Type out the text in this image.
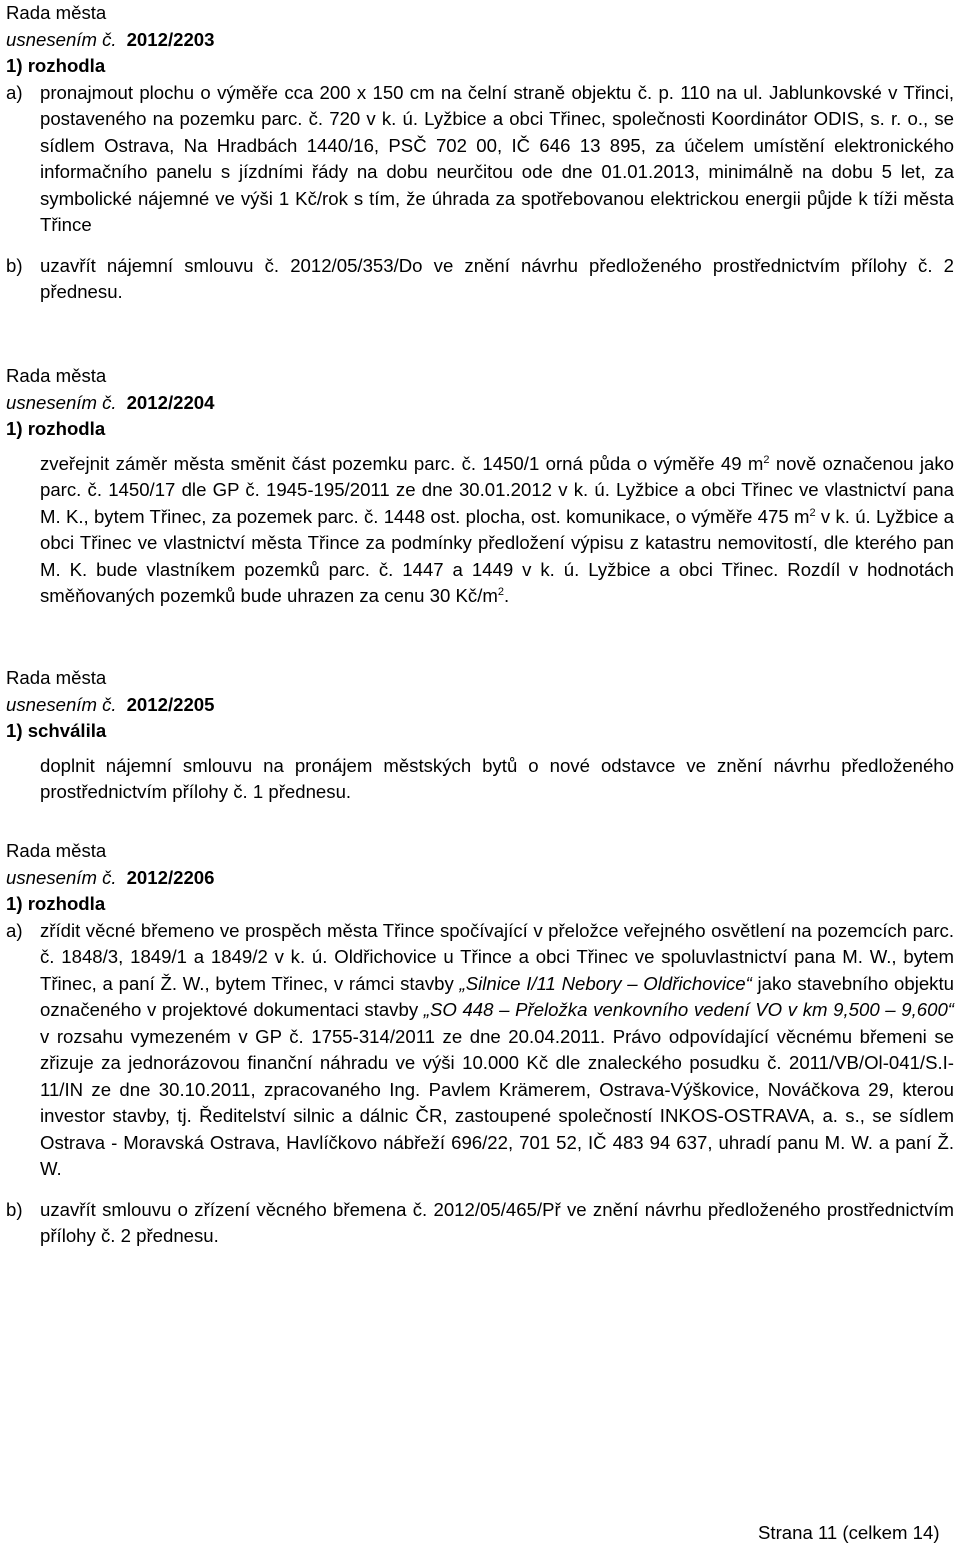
Rada města
usnesením č. 2012/2203
1) rozhodla
a) pronajmout plochu o výměře cca 200 x 150 cm na čelní straně objektu č. p. 110 na ul. Jablunkovské v Třinci, postaveného na pozemku parc. č. 720 v k. ú. Lyžbice a obci Třinec, společnosti Koordinátor ODIS, s. r. o., se sídlem Ostrava, Na Hradbách 1440/16, PSČ 702 00, IČ 646 13 895, za účelem umístění elektronického informačního panelu s jízdními řády na dobu neurčitou ode dne 01.01.2013, minimálně na dobu 5 let, za symbolické nájemné ve výši 1 Kč/rok s tím, že úhrada za spotřebovanou elektrickou energii půjde k tíži města Třince
b) uzavřít nájemní smlouvu č. 2012/05/353/Do ve znění návrhu předloženého prostřednictvím přílohy č. 2 přednesu.
Rada města
usnesením č. 2012/2204
1) rozhodla
zveřejnit záměr města směnit část pozemku parc. č. 1450/1 orná půda o výměře 49 $m^2$ nově označenou jako parc. č. 1450/17 dle GP č. 1945-195/2011 ze dne 30.01.2012 v k. ú. Lyžbice a obci Třinec ve vlastnictví pana M. K., bytem Třinec, za pozemek parc. č. 1448 ost. plocha, ost. komunikace, o výměře 475 $m^2$ v k. ú. Lyžbice a obci Třinec ve vlastnictví města Třince za podmínky předložení výpisu z katastru nemovitostí, dle kterého pan M. K. bude vlastníkem pozemků parc. č. 1447 a 1449 v k. ú. Lyžbice a obci Třinec. Rozdíl v hodnotách směňovaných pozemků bude uhrazen za cenu 30 $Kč/m^2$.
Rada města
usnesením č. 2012/2205
1) schválila
doplnit nájemní smlouvu na pronájem městských bytů o nové odstavce ve znění návrhu předloženého prostřednictvím přílohy č. 1 přednesu.
Rada města
usnesením č. 2012/2206
1) rozhodla
a) zřídit věcné břemeno ve prospěch města Třince spočívající v přeložce veřejného osvětlení na pozemcích parc. č. 1848/3, 1849/1 a 1849/2 v k. ú. Oldřichovice u Třince a obci Třinec ve spoluvlastnictví pana M. W., bytem Třinec, a paní Ž. W., bytem Třinec, v rámci stavby „Silnice I/11 Nebory – Oldřichovice“ jako stavebního objektu označeného v projektové dokumentaci stavby „SO 448 – Přeložka venkovního vedení VO v km 9,500 – 9,600“ v rozsahu vymezeném v GP č. 1755-314/2011 ze dne 20.04.2011. Právo odpovídající věcnému břemeni se zřizuje za jednorázovou finanční náhradu ve výši 10.000 Kč dle znaleckého posudku č. 2011/VB/Ol-041/S.I-11/IN ze dne 30.10.2011, zpracovaného Ing. Pavlem Krämerem, Ostrava-Výškovice, Nováčkova 29, kterou investor stavby, tj. Ředitelství silnic a dálnic ČR, zastoupené společností INKOS-OSTRAVA, a. s., se sídlem Ostrava - Moravská Ostrava, Havlíčkovo nábřeží 696/22, 701 52, IČ 483 94 637, uhradí panu M. W. a paní Ž. W.
b) uzavřít smlouvu o zřízení věcného břemena č. 2012/05/465/Př ve znění návrhu předloženého prostřednictvím přílohy č. 2 přednesu.
Strana 11 (celkem 14)
